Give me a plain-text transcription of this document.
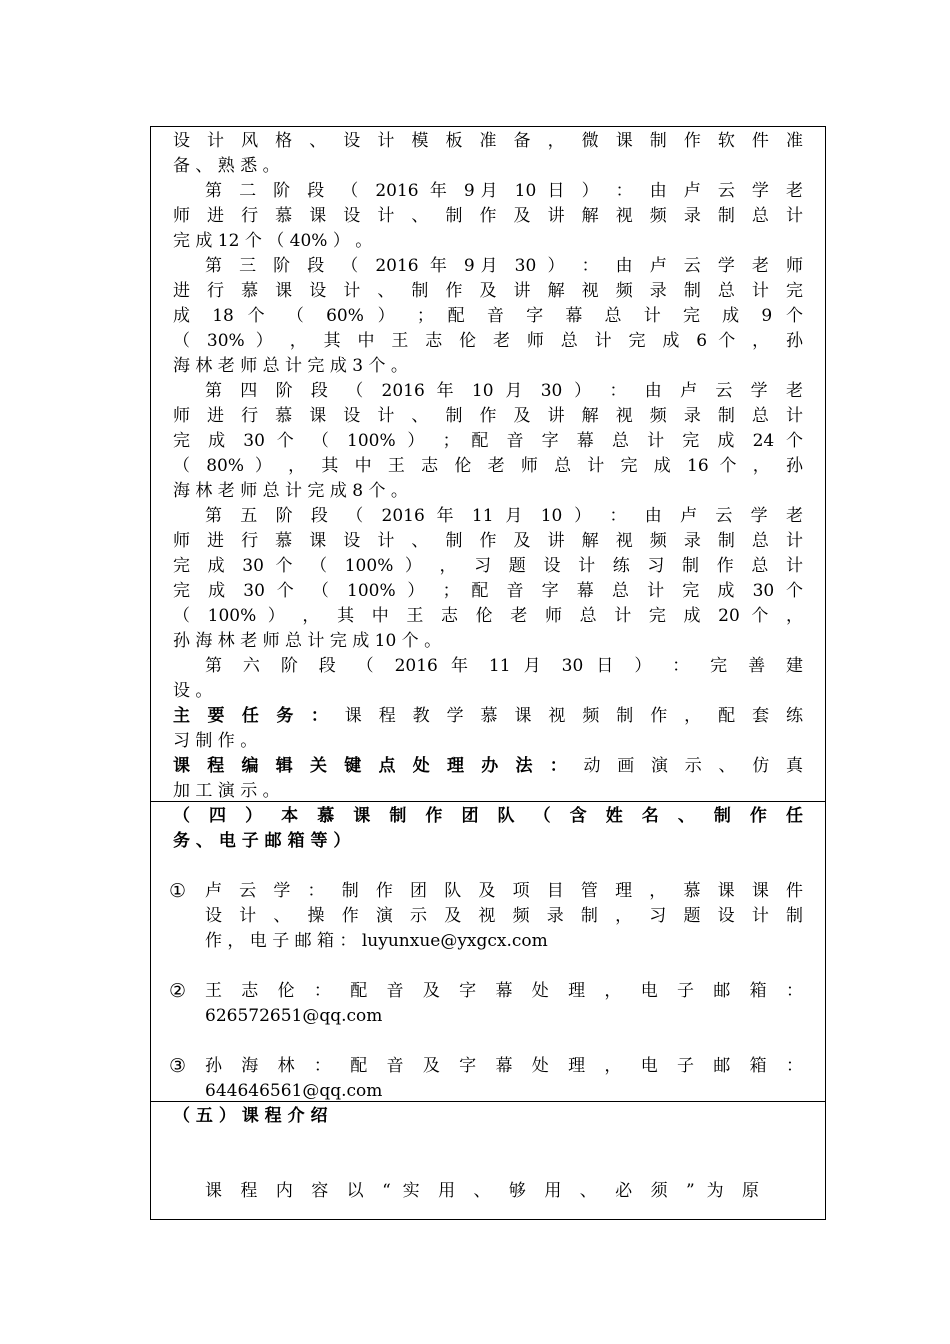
设 计 风 格 、 设 计 模 板 准 备 ， 微 课 制 作 软 件 准
备 、 熟 悉 。
第 二 阶 段 （ 2016 年 9月 10 日 ） ： 由 卢 云 学 老
师 进 行 慕 课 设 计 、 制 作 及 讲 解 视 频 录 制 总 计
完 成 12 个 （ 40% ） 。
第 三 阶 段 （ 2016 年 9月 30 ） ： 由 卢 云 学 老 师
进 行 慕 课 设 计 、 制 作 及 讲 解 视 频 录 制 总 计 完
成 18 个 （ 60% ） ； 配 音 字 幕 总 计 完 成 9 个
（ 30% ） ， 其 中 王 志 伦 老 师 总 计 完 成 6 个 ， 孙
海 林 老 师 总 计 完 成 3 个 。
第 四 阶 段 （ 2016 年 10 月 30 ） ： 由 卢 云 学 老
师 进 行 慕 课 设 计 、 制 作 及 讲 解 视 频 录 制 总 计
完 成 30 个 （ 100% ） ； 配 音 字 幕 总 计 完 成 24 个
（ 80% ） ， 其 中 王 志 伦 老 师 总 计 完 成 16 个 ， 孙
海 林 老 师 总 计 完 成 8 个 。
第 五 阶 段 （ 2016 年 11 月 10 ） ： 由 卢 云 学 老
师 进 行 慕 课 设 计 、 制 作 及 讲 解 视 频 录 制 总 计
完 成 30 个 （ 100% ） ， 习 题 设 计 练 习 制 作 总 计
完 成 30 个 （ 100% ） ； 配 音 字 幕 总 计 完 成 30 个
（ 100% ） ， 其 中 王 志 伦 老 师 总 计 完 成 20 个 ，
孙 海 林 老 师 总 计 完 成 10 个 。
第 六 阶 段 （ 2016 年 11 月 30 日 ） ： 完 善 建
设 。
主 要 任 务 ： 课 程 教 学 慕 课 视 频 制 作 ， 配 套 练
习 制 作 。
课 程 编 辑 关 键 点 处 理 办 法 ： 动 画 演 示 、 仿 真
加 工 演 示 。
（ 四 ） 本 慕 课 制 作 团 队 （ 含 姓 名 、 制 作 任
务 、 电 子 邮 箱 等 ）
① 卢 云 学 ： 制 作 团 队 及 项 目 管 理 ， 慕 课 课 件
设 计 、 操 作 演 示 及 视 频 录 制 ， 习 题 设 计 制
作 ， 电 子 邮 箱 ： luyunxue@yxgcx.com
② 王 志 伦 ： 配 音 及 字 幕 处 理 ， 电 子 邮 箱 ：
626572651@qq.com
③ 孙 海 林 ： 配 音 及 字 幕 处 理 ， 电 子 邮 箱 ：
644646561@qq.com
（ 五 ） 课 程 介 绍
课 程 内 容 以 “ 实 用 、 够 用 、 必 须 ” 为 原
